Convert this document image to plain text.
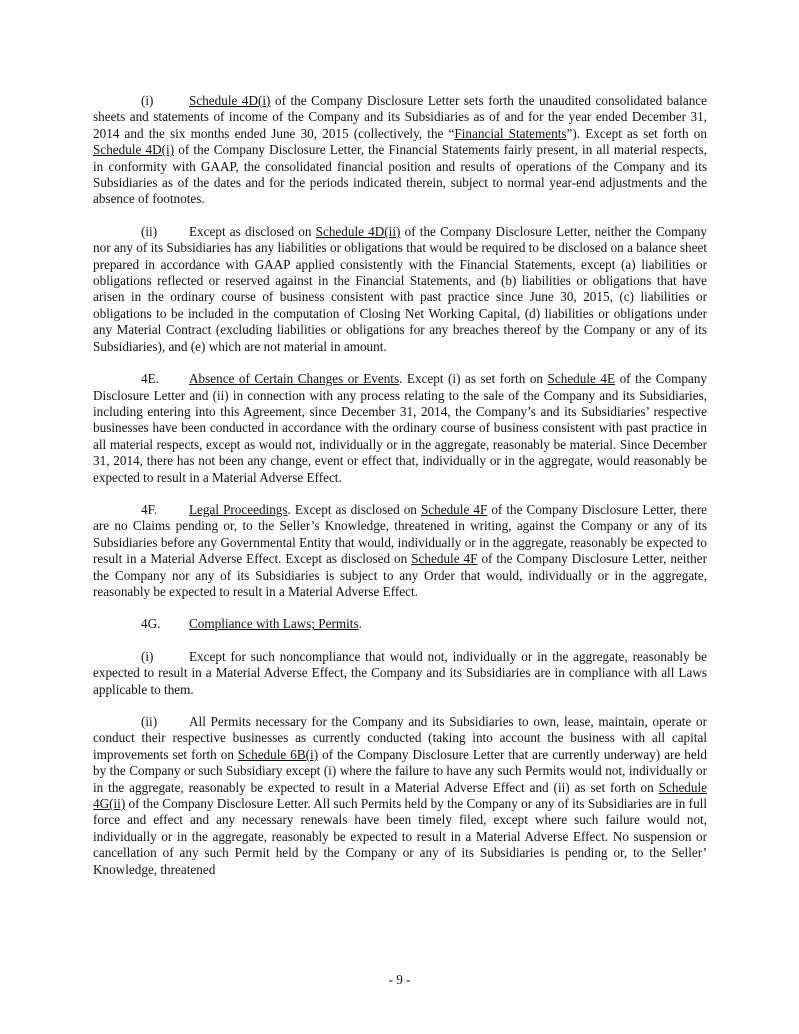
(i)	Schedule 4D(i) of the Company Disclosure Letter sets forth the unaudited consolidated balance sheets and statements of income of the Company and its Subsidiaries as of and for the year ended December 31, 2014 and the six months ended June 30, 2015 (collectively, the “Financial Statements”). Except as set forth on Schedule 4D(i) of the Company Disclosure Letter, the Financial Statements fairly present, in all material respects, in conformity with GAAP, the consolidated financial position and results of operations of the Company and its Subsidiaries as of the dates and for the periods indicated therein, subject to normal year-end adjustments and the absence of footnotes.

(ii) Except as disclosed on Schedule 4D(ii) of the Company Disclosure Letter, neither the Company nor any of its Subsidiaries has any liabilities or obligations that would be required to be disclosed on a balance sheet prepared in accordance with GAAP applied consistently with the Financial Statements, except (a) liabilities or obligations reflected or reserved against in the Financial Statements, and (b) liabilities or obligations that have arisen in the ordinary course of business consistent with past practice since June 30, 2015, (c) liabilities or obligations to be included in the computation of Closing Net Working Capital, (d) liabilities or obligations under any Material Contract (excluding liabilities or obligations for any breaches thereof by the Company or any of its Subsidiaries), and (e) which are not material in amount.

4E. Absence of Certain Changes or Events. Except (i) as set forth on Schedule 4E of the Company Disclosure Letter and (ii) in connection with any process relating to the sale of the Company and its Subsidiaries, including entering into this Agreement, since December 31, 2014, the Company’s and its Subsidiaries’ respective businesses have been conducted in accordance with the ordinary course of business consistent with past practice in all material respects, except as would not, individually or in the aggregate, reasonably be material. Since December 31, 2014, there has not been any change, event or effect that, individually or in the aggregate, would reasonably be expected to result in a Material Adverse Effect.

4F. Legal Proceedings. Except as disclosed on Schedule 4F of the Company Disclosure Letter, there are no Claims pending or, to the Seller’s Knowledge, threatened in writing, against the Company or any of its Subsidiaries before any Governmental Entity that would, individually or in the aggregate, reasonably be expected to result in a Material Adverse Effect. Except as disclosed on Schedule 4F of the Company Disclosure Letter, neither the Company nor any of its Subsidiaries is subject to any Order that would, individually or in the aggregate, reasonably be expected to result in a Material Adverse Effect.

4G. Compliance with Laws; Permits.

(i)	Except for such noncompliance that would not, individually or in the aggregate, reasonably be expected to result in a Material Adverse Effect, the Company and its Subsidiaries are in compliance with all Laws applicable to them.

(ii) All Permits necessary for the Company and its Subsidiaries to own, lease, maintain, operate or conduct their respective businesses as currently conducted (taking into account the business with all capital improvements set forth on Schedule 6B(i) of the Company Disclosure Letter that are currently underway) are held by the Company or such Subsidiary except (i) where the failure to have any such Permits would not, individually or in the aggregate, reasonably be expected to result in a Material Adverse Effect and (ii) as set forth on Schedule 4G(ii) of the Company Disclosure Letter. All such Permits held by the Company or any of its Subsidiaries are in full force and effect and any necessary renewals have been timely filed, except where such failure would not, individually or in the aggregate, reasonably be expected to result in a Material Adverse Effect. No suspension or cancellation of any such Permit held by the Company or any of its Subsidiaries is pending or, to the Seller’ Knowledge, threatened

- 9 -
